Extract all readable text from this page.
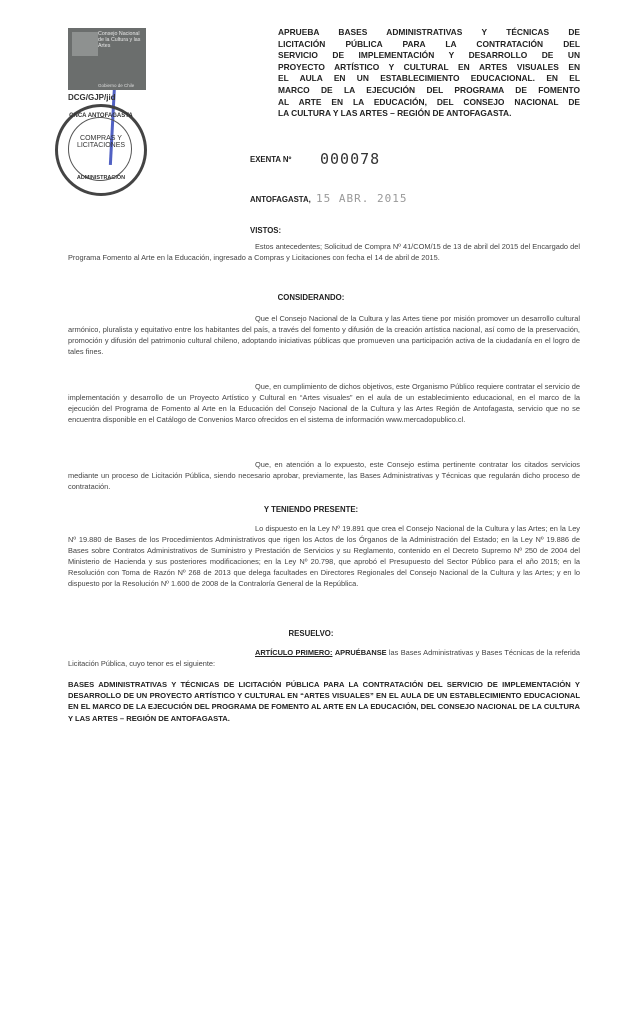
Consejo Nacional de la Cultura y las Artes
Gobierno de Chile
DCG/GJP/jid
CNCA ANTOFAGASTA
COMPRAS Y LICITACIONES
ADMINISTRACIÓN
APRUEBA BASES ADMINISTRATIVAS Y TÉCNICAS DE
LICITACIÓN PÚBLICA PARA LA CONTRATACIÓN DEL
SERVICIO DE IMPLEMENTACIÓN Y DESARROLLO DE UN
PROYECTO ARTÍSTICO Y CULTURAL EN ARTES VISUALES EN
EL AULA EN UN ESTABLECIMIENTO EDUCACIONAL. EN EL
MARCO DE LA EJECUCIÓN DEL PROGRAMA DE FOMENTO
AL ARTE EN LA EDUCACIÓN, DEL CONSEJO NACIONAL DE
LA CULTURA Y LAS ARTES – REGIÓN DE ANTOFAGASTA.
EXENTA Nº 000078
ANTOFAGASTA, 15 ABR. 2015
VISTOS:
Estos antecedentes; Solicitud de Compra Nº 41/COM/15 de 13 de abril del 2015 del Encargado del Programa Fomento al Arte en la Educación, ingresado a Compras y Licitaciones con fecha el 14 de abril de 2015.
CONSIDERANDO:
Que el Consejo Nacional de la Cultura y las Artes tiene por misión promover un desarrollo cultural armónico, pluralista y equitativo entre los habitantes del país, a través del fomento y difusión de la creación artística nacional, así como de la preservación, promoción y difusión del patrimonio cultural chileno, adoptando iniciativas públicas que promueven una participación activa de la ciudadanía en el logro de tales fines.
Que, en cumplimiento de dichos objetivos, este Organismo Público requiere contratar el servicio de implementación y desarrollo de un Proyecto Artístico y Cultural en “Artes visuales” en el aula de un establecimiento educacional, en el marco de la ejecución del Programa de Fomento al Arte en la Educación del Consejo Nacional de la Cultura y las Artes Región de Antofagasta, servicio que no se encuentra disponible en el Catálogo de Convenios Marco ofrecidos en el sistema de información www.mercadopublico.cl.
Que, en atención a lo expuesto, este Consejo estima pertinente contratar los citados servicios mediante un proceso de Licitación Pública, siendo necesario aprobar, previamente, las Bases Administrativas y Técnicas que regularán dicho proceso de contratación.
Y TENIENDO PRESENTE:
Lo dispuesto en la Ley Nº 19.891 que crea el Consejo Nacional de la Cultura y las Artes; en la Ley Nº 19.880 de Bases de los Procedimientos Administrativos que rigen los Actos de los Órganos de la Administración del Estado; en la Ley Nº 19.886 de Bases sobre Contratos Administrativos de Suministro y Prestación de Servicios y su Reglamento, contenido en el Decreto Supremo Nº 250 de 2004 del Ministerio de Hacienda y sus posteriores modificaciones; en la Ley Nº 20.798, que aprobó el Presupuesto del Sector Público para el año 2015; en la Resolución con Toma de Razón Nº 268 de 2013 que delega facultades en Directores Regionales del Consejo Nacional de la Cultura y las Artes; y en lo dispuesto por la Resolución Nº 1.600 de 2008 de la Contraloría General de la República.
RESUELVO:
ARTÍCULO PRIMERO: APRUÉBANSE las Bases Administrativas y Bases Técnicas de la referida Licitación Pública, cuyo tenor es el siguiente:
BASES ADMINISTRATIVAS Y TÉCNICAS DE LICITACIÓN PÚBLICA PARA LA CONTRATACIÓN DEL SERVICIO DE IMPLEMENTACIÓN Y DESARROLLO DE UN PROYECTO ARTÍSTICO Y CULTURAL EN “ARTES VISUALES” EN EL AULA DE UN ESTABLECIMIENTO EDUCACIONAL EN EL MARCO DE LA EJECUCIÓN DEL PROGRAMA DE FOMENTO AL ARTE EN LA EDUCACIÓN, DEL CONSEJO NACIONAL DE LA CULTURA Y LAS ARTES – REGIÓN DE ANTOFAGASTA.
